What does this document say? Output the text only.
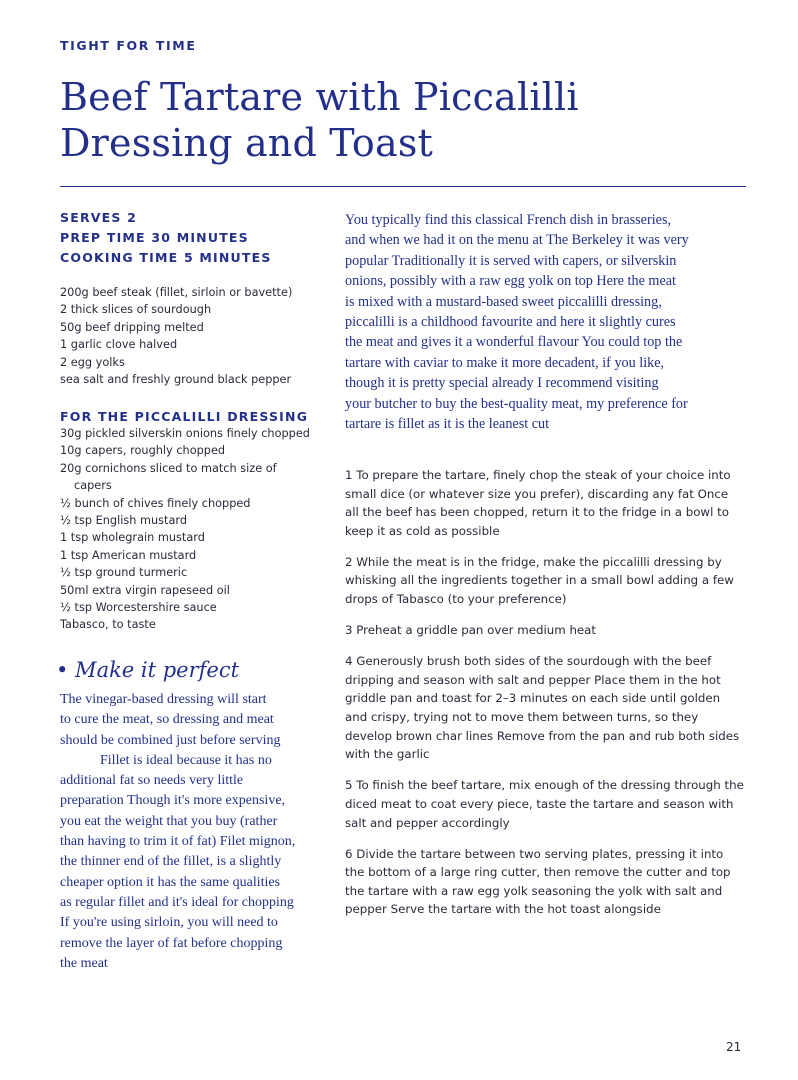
TIGHT FOR TIME
Beef Tartare with Piccalilli Dressing and Toast
SERVES 2
PREP TIME 30 MINUTES
COOKING TIME 5 MINUTES
200g beef steak (fillet, sirloin or bavette)
2 thick slices of sourdough
50g beef dripping melted
1 garlic clove halved
2 egg yolks
sea salt and freshly ground black pepper
FOR THE PICCALILLI DRESSING
30g pickled silverskin onions finely chopped
10g capers, roughly chopped
20g cornichons sliced to match size of capers
½ bunch of chives finely chopped
½ tsp English mustard
1 tsp wholegrain mustard
1 tsp American mustard
½ tsp ground turmeric
50ml extra virgin rapeseed oil
½ tsp Worcestershire sauce
Tabasco, to taste
• Make it perfect
The vinegar-based dressing will start
to cure the meat, so dressing and meat
should be combined just before serving
Fillet is ideal because it has no
additional fat so needs very little
preparation Though it's more expensive,
you eat the weight that you buy (rather
than having to trim it of fat) Filet mignon,
the thinner end of the fillet, is a slightly
cheaper option it has the same qualities
as regular fillet and it's ideal for chopping
If you're using sirloin, you will need to
remove the layer of fat before chopping
the meat
You typically find this classical French dish in brasseries,
and when we had it on the menu at The Berkeley it was very
popular Traditionally it is served with capers, or silverskin
onions, possibly with a raw egg yolk on top Here the meat
is mixed with a mustard-based sweet piccalilli dressing,
piccalilli is a childhood favourite and here it slightly cures
the meat and gives it a wonderful flavour You could top the
tartare with caviar to make it more decadent, if you like,
though it is pretty special already I recommend visiting
your butcher to buy the best-quality meat, my preference for
tartare is fillet as it is the leanest cut

1 To prepare the tartare, finely chop the steak of your choice into small dice (or whatever size you prefer), discarding any fat Once all the beef has been chopped, return it to the fridge in a bowl to keep it as cold as possible

2 While the meat is in the fridge, make the piccalilli dressing by whisking all the ingredients together in a small bowl adding a few drops of Tabasco (to your preference)

3 Preheat a griddle pan over medium heat

4 Generously brush both sides of the sourdough with the beef dripping and season with salt and pepper Place them in the hot griddle pan and toast for 2–3 minutes on each side until golden and crispy, trying not to move them between turns, so they develop brown char lines Remove from the pan and rub both sides with the garlic

5 To finish the beef tartare, mix enough of the dressing through the diced meat to coat every piece, taste the tartare and season with salt and pepper accordingly

6 Divide the tartare between two serving plates, pressing it into the bottom of a large ring cutter, then remove the cutter and top the tartare with a raw egg yolk seasoning the yolk with salt and pepper Serve the tartare with the hot toast alongside

21
